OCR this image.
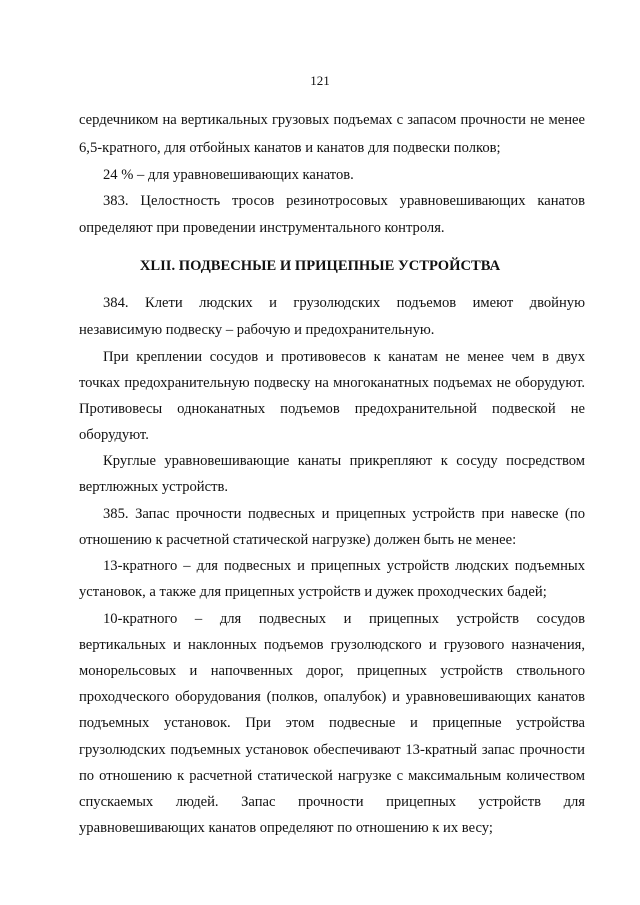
121
сердечником на вертикальных грузовых подъемах с запасом прочности не менее
6,5-кратного, для отбойных канатов и канатов для подвески полков;
24 % – для уравновешивающих канатов.
383. Целостность тросов резинотросовых уравновешивающих канатов
определяют при проведении инструментального контроля.
XLII. ПОДВЕСНЫЕ И ПРИЦЕПНЫЕ УСТРОЙСТВА
384. Клети людских и грузолюдских подъемов имеют двойную
независимую подвеску – рабочую и предохранительную.
При креплении сосудов и противовесов к канатам не менее чем в двух
точках предохранительную подвеску на многоканатных подъемах не оборудуют.
Противовесы одноканатных подъемов предохранительной подвеской не
оборудуют.
Круглые уравновешивающие канаты прикрепляют к сосуду посредством
вертлюжных устройств.
385. Запас прочности подвесных и прицепных устройств при навеске (по
отношению к расчетной статической нагрузке) должен быть не менее:
13-кратного – для подвесных и прицепных устройств людских подъемных
установок, а также для прицепных устройств и дужек проходческих бадей;
10-кратного – для подвесных и прицепных устройств сосудов
вертикальных и наклонных подъемов грузолюдского и грузового назначения,
монорельсовых и напочвенных дорог, прицепных устройств ствольного
проходческого оборудования (полков, опалубок) и уравновешивающих канатов
подъемных установок. При этом подвесные и прицепные устройства
грузолюдских подъемных установок обеспечивают 13-кратный запас прочности
по отношению к расчетной статической нагрузке с максимальным количеством
спускаемых людей. Запас прочности прицепных устройств для
уравновешивающих канатов определяют по отношению к их весу;
